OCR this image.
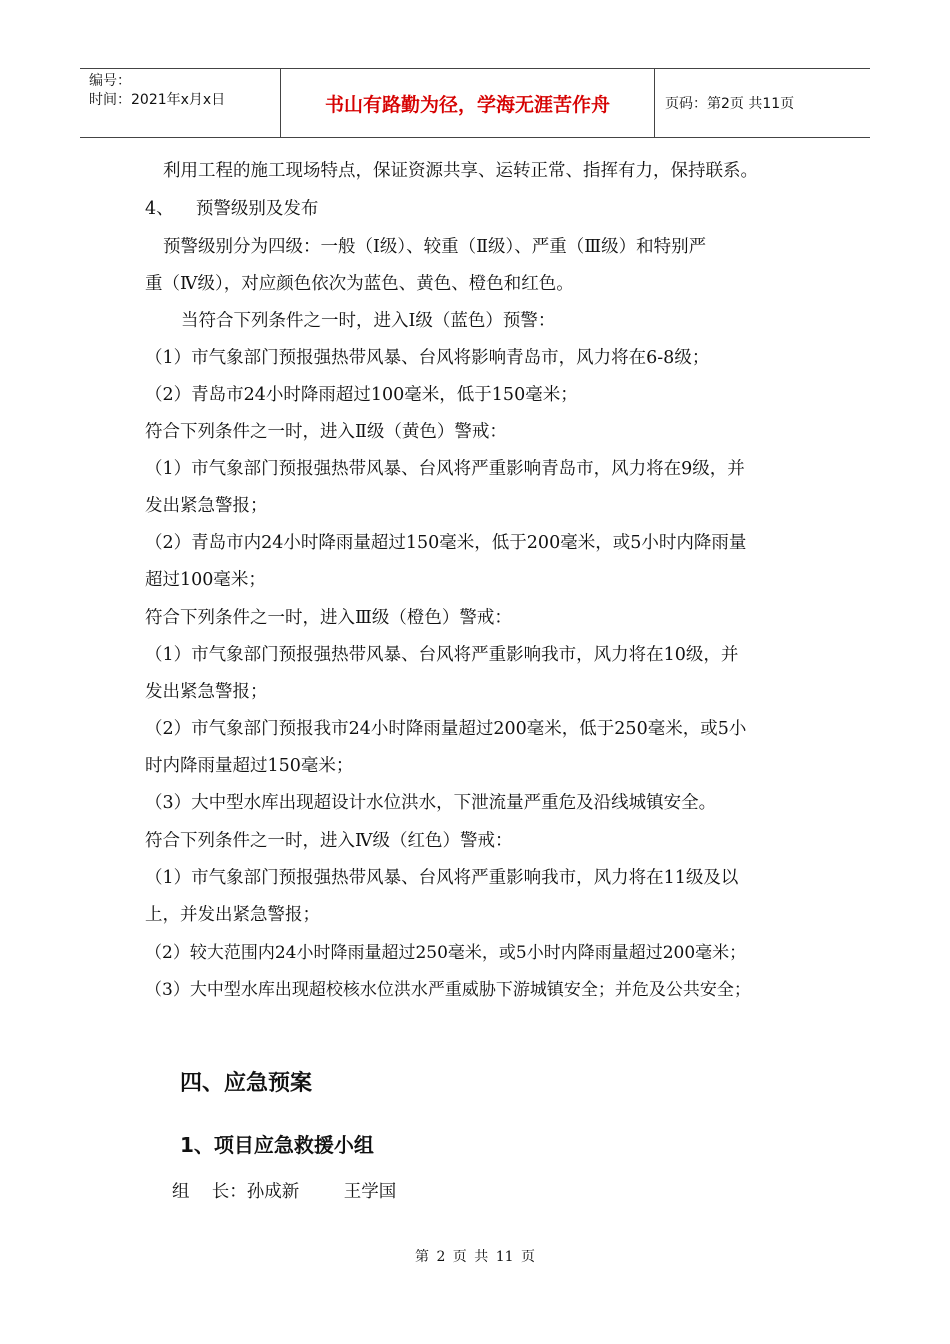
编号：
时间：2021年x月x日	书山有路勤为径，学海无涯苦作舟	页码：第2页 共11页
利用工程的施工现场特点，保证资源共享、运转正常、指挥有力，保持联系。
4、    预警级别及发布
预警级别分为四级：一般（Ⅰ级）、较重（Ⅱ级）、严重（Ⅲ级）和特别严
重（Ⅳ级），对应颜色依次为蓝色、黄色、橙色和红色。
当符合下列条件之一时，进入Ⅰ级（蓝色）预警：
（1）市气象部门预报强热带风暴、台风将影响青岛市，风力将在6-8级；
（2）青岛市24小时降雨超过100毫米，低于150毫米；
符合下列条件之一时，进入Ⅱ级（黄色）警戒：
（1）市气象部门预报强热带风暴、台风将严重影响青岛市，风力将在9级，并
发出紧急警报；
（2）青岛市内24小时降雨量超过150毫米，低于200毫米，或5小时内降雨量
超过100毫米；
符合下列条件之一时，进入Ⅲ级（橙色）警戒：
（1）市气象部门预报强热带风暴、台风将严重影响我市，风力将在10级，并
发出紧急警报；
（2）市气象部门预报我市24小时降雨量超过200毫米，低于250毫米，或5小
时内降雨量超过150毫米；
（3）大中型水库出现超设计水位洪水，下泄流量严重危及沿线城镇安全。
符合下列条件之一时，进入Ⅳ级（红色）警戒：
（1）市气象部门预报强热带风暴、台风将严重影响我市，风力将在11级及以
上，并发出紧急警报；
（2）较大范围内24小时降雨量超过250毫米，或5小时内降雨量超过200毫米；
（3）大中型水库出现超校核水位洪水严重威胁下游城镇安全；并危及公共安全；
四、应急预案
1、项目应急救援小组
组    长：孙成新        王学国
第 2 页 共 11 页
